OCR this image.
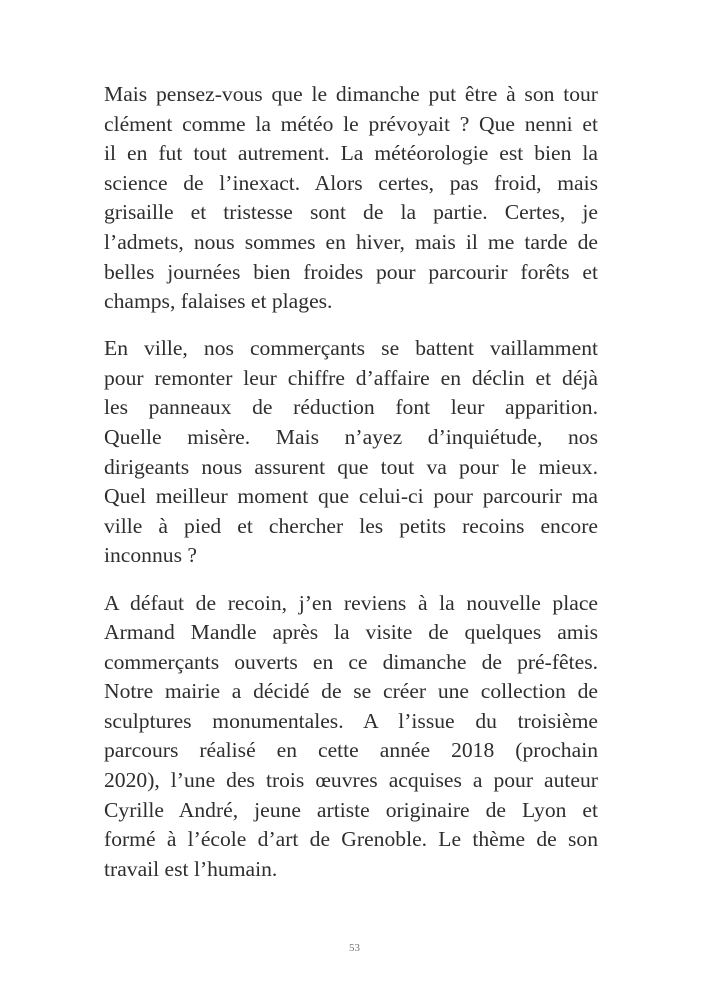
Mais pensez-vous que le dimanche put être à son tour
clément comme la météo le prévoyait ? Que nenni et
il en fut tout autrement. La météorologie est bien la
science de l’inexact. Alors certes, pas froid, mais
grisaille et tristesse sont de la partie. Certes, je
l’admets, nous sommes en hiver, mais il me tarde de
belles journées bien froides pour parcourir forêts et
champs, falaises et plages.
En ville, nos commerçants se battent vaillamment
pour remonter leur chiffre d’affaire en déclin et déjà
les panneaux de réduction font leur apparition.
Quelle misère. Mais n’ayez d’inquiétude, nos
dirigeants nous assurent que tout va pour le mieux.
Quel meilleur moment que celui-ci pour parcourir ma
ville à pied et chercher les petits recoins encore
inconnus ?
A défaut de recoin, j’en reviens à la nouvelle place
Armand Mandle après la visite de quelques amis
commerçants ouverts en ce dimanche de pré-fêtes.
Notre mairie a décidé de se créer une collection de
sculptures monumentales. A l’issue du troisième
parcours réalisé en cette année 2018 (prochain
2020), l’une des trois œuvres acquises a pour auteur
Cyrille André, jeune artiste originaire de Lyon et
formé à l’école d’art de Grenoble. Le thème de son
travail est l’humain.
53
